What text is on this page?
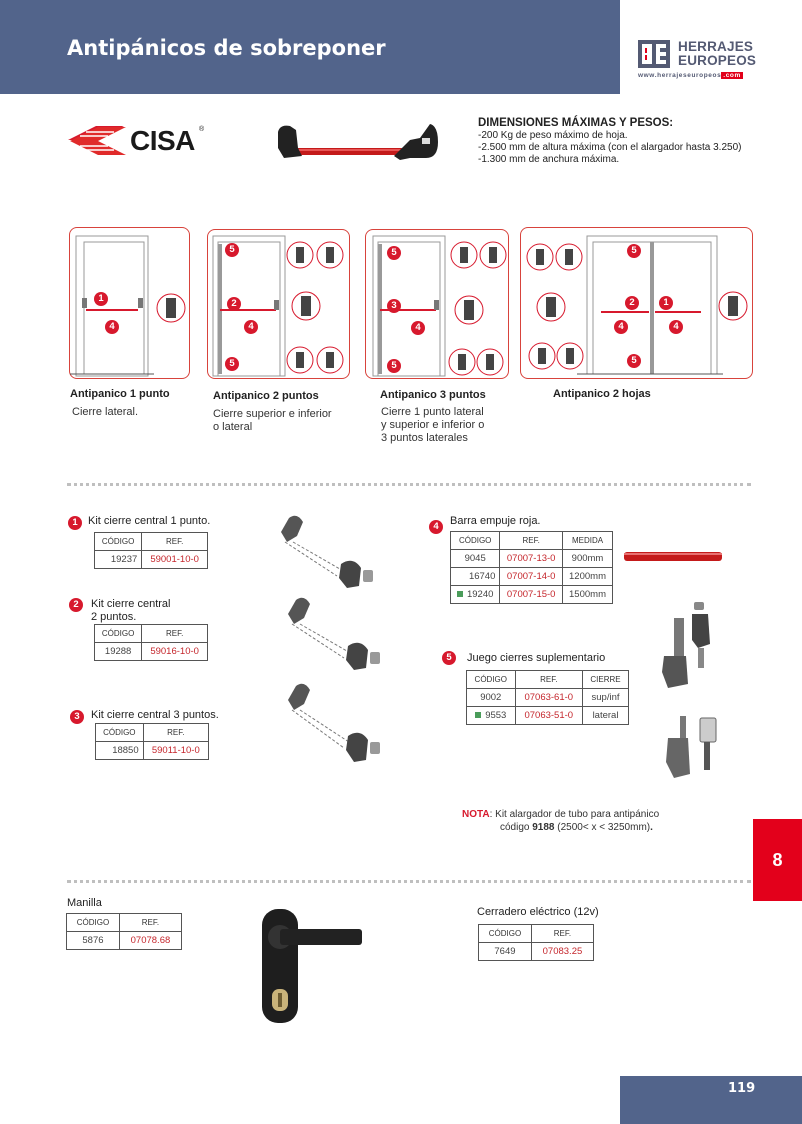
Antipánicos de sobreponer	HERRAJES
EUROPEOS
www.herrajeseuropeos .com
CISA ®
DIMENSIONES MÁXIMAS Y PESOS:
-200 Kg de peso máximo de hoja.
-2.500 mm de altura máxima (con el alargador hasta 3.250)
-1.300 mm de anchura máxima.
1
4
5
2
4
5
5
3
4
5
5
2	1
4	4
5
Antipanico 1 punto
Cierre lateral.
Antipanico 2 puntos
Cierre superior e inferior
o lateral
Antipanico 3 puntos
Cierre 1 punto lateral
y superior e inferior o
3 puntos laterales
Antipanico 2 hojas
1 Kit cierre central 1 punto.
CÓDIGO	REF.
19237	59001-10-0
2	Kit cierre central
2 puntos.
CÓDIGO	REF.
19288	59016-10-0
3	Kit cierre central 3 puntos.
CÓDIGO	REF.
18850	59011-10-0
4	Barra empuje roja.
CÓDIGO	REF.	MEDIDA
9045	07007-13-0	900mm
16740	07007-14-0	1200mm
19240	07007-15-0	1500mm
5	Juego cierres suplementario
CÓDIGO	REF.	CIERRE
9002	07063-61-0	sup/inf
9553	07063-51-0	lateral
NOTA: Kit alargador de tubo para antipánico
código 9188 (2500< x < 3250mm).
8
Manilla
CÓDIGO	REF.
5876	07078.68
Cerradero eléctrico (12v)
CÓDIGO	REF.
7649	07083.25
119
